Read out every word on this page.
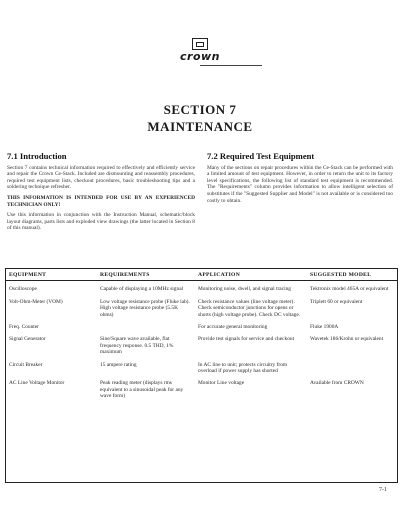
crown
SECTION 7
MAINTENANCE
7.1 Introduction

Section 7 contains technical information required to effectively and efficiently service and repair the Crown Ce-Stack. Included are dismounting and reassembly procedures, required test equipment lists, checkout procedures, basic troubleshooting tips and a soldering technique refresher.

THIS INFORMATION IS INTENDED FOR USE BY AN EXPERIENCED TECHNICIAN ONLY!

Use this information in conjunction with the Instruction Manual, schematic/block layout diagrams, parts lists and exploded view drawings (the latter located in Section 8 of this manual).

7.2 Required Test Equipment

Many of the sections on repair procedures within the Ce-Stack can be performed with a limited amount of test equipment. However, in order to return the unit to its factory level specifications, the following list of standard test equipment is recommended. The "Requirements" column provides information to allow intelligent selection of substitutes if the "Suggested Supplier and Model" is not available or is considered too costly to obtain.

EQUIPMENT	REQUIREMENTS	APPLICATION	SUGGESTED MODEL

Oscilloscope	Capable of displaying a 10MHz signal	Monitoring noise, dwell, and signal tracing	Tektronix model 465A or equivalent

Volt-Ohm-Meter (VOM)	Low voltage resistance probe (Fluke lab). High voltage resistance probe (5.5K ohms)	Check resistance values (line voltage meter). Check semiconductor junctions for opens or shorts (high voltage probe). Check DC voltage.	Triplett 60 or equivalent

Freq. Counter		For accurate general monitoring	Fluke 1900A

Signal Generator	Sine/Square wave available, flat frequency response. 0.5 THD, 1% maximum	Provide test signals for service and checkout	Wavetek 186/Krohn or equivalent

Circuit Breaker	15 ampere rating	In AC line to unit; protects circuitry from overload if power supply has shorted	

AC Line Voltage Monitor	Peak reading meter (displays rms equivalent to a sinusoidal peak for any wave form)	Monitor Line voltage	Available from CROWN
7-1
